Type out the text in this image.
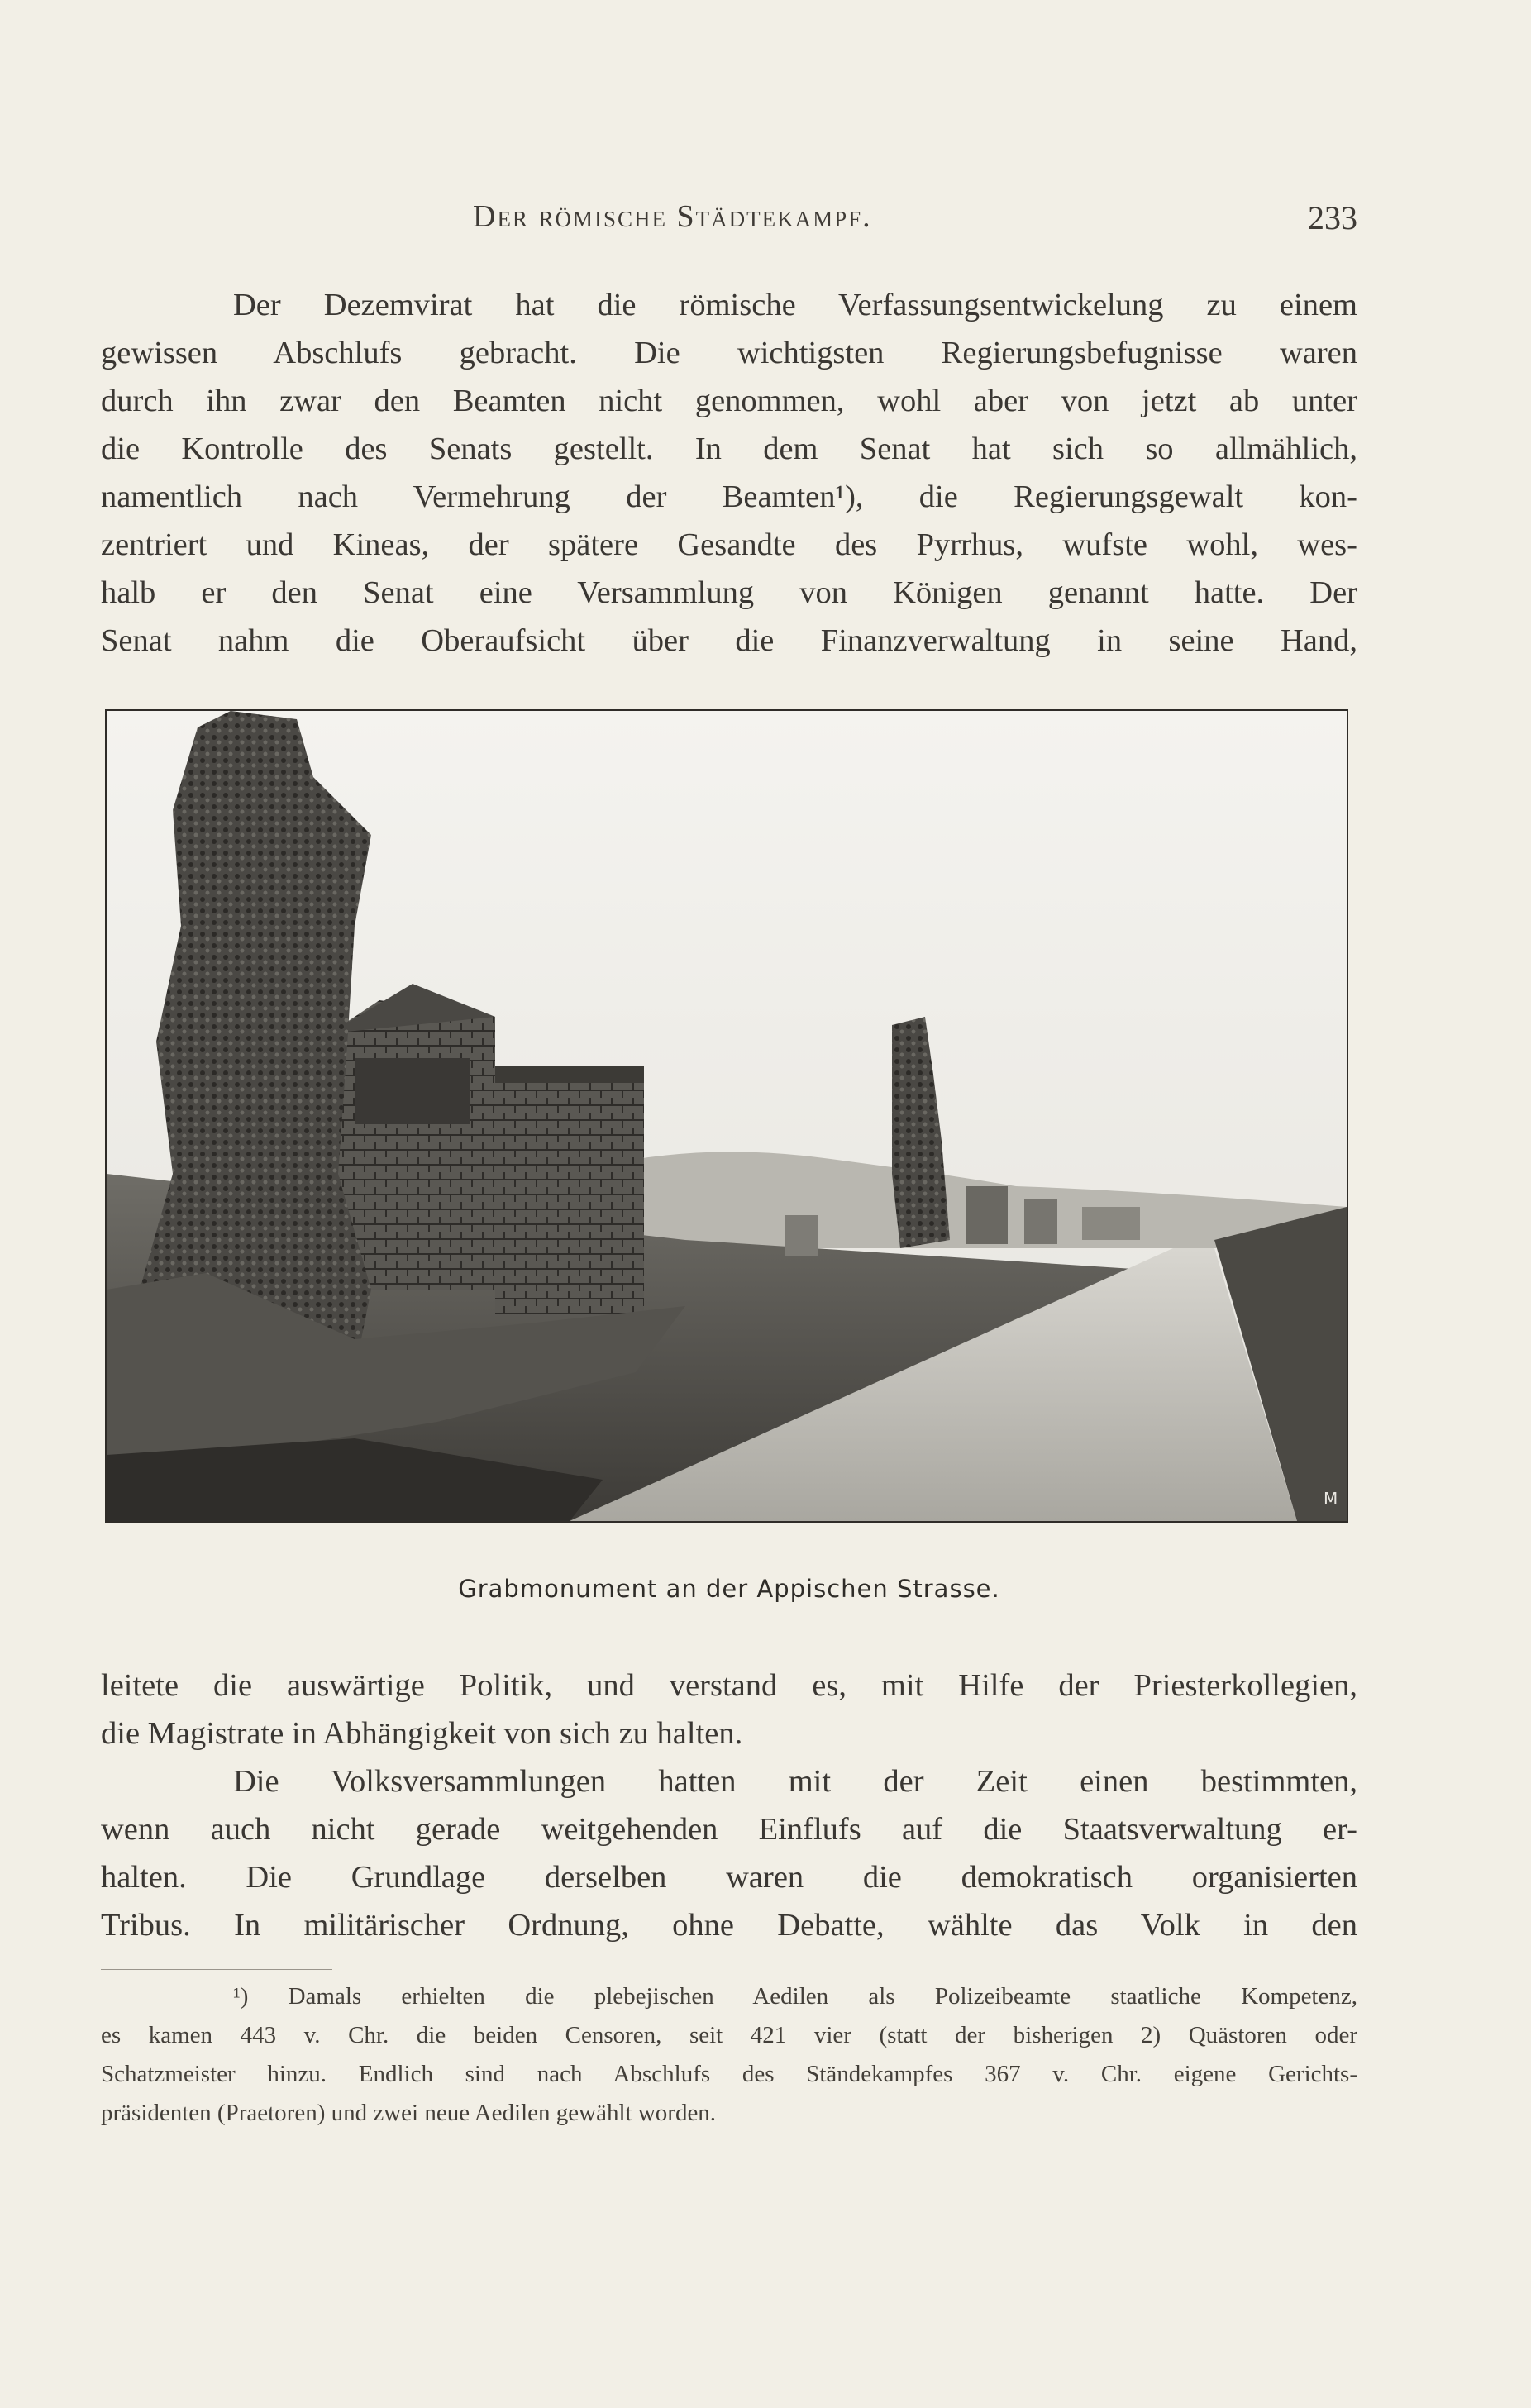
Der römische Städtekampf.	233
Der Dezemvirat hat die römische Verfassungsentwickelung zu einem
gewissen Abschlufs gebracht. Die wichtigsten Regierungsbefugnisse waren
durch ihn zwar den Beamten nicht genommen, wohl aber von jetzt ab unter
die Kontrolle des Senats gestellt. In dem Senat hat sich so allmählich,
namentlich nach Vermehrung der Beamten¹), die Regierungsgewalt kon-
zentriert und Kineas, der spätere Gesandte des Pyrrhus, wufste wohl, wes-
halb er den Senat eine Versammlung von Königen genannt hatte. Der
Senat nahm die Oberaufsicht über die Finanzverwaltung in seine Hand,
M
Grabmonument an der Appischen Strasse.
leitete die auswärtige Politik, und verstand es, mit Hilfe der Priesterkollegien,
die Magistrate in Abhängigkeit von sich zu halten.
Die Volksversammlungen hatten mit der Zeit einen bestimmten,
wenn auch nicht gerade weitgehenden Einflufs auf die Staatsverwaltung er-
halten. Die Grundlage derselben waren die demokratisch organisierten
Tribus. In militärischer Ordnung, ohne Debatte, wählte das Volk in den
¹) Damals erhielten die plebejischen Aedilen als Polizeibeamte staatliche Kompetenz,
es kamen 443 v. Chr. die beiden Censoren, seit 421 vier (statt der bisherigen 2) Quästoren oder
Schatzmeister hinzu. Endlich sind nach Abschlufs des Ständekampfes 367 v. Chr. eigene Gerichts-
präsidenten (Praetoren) und zwei neue Aedilen gewählt worden.
